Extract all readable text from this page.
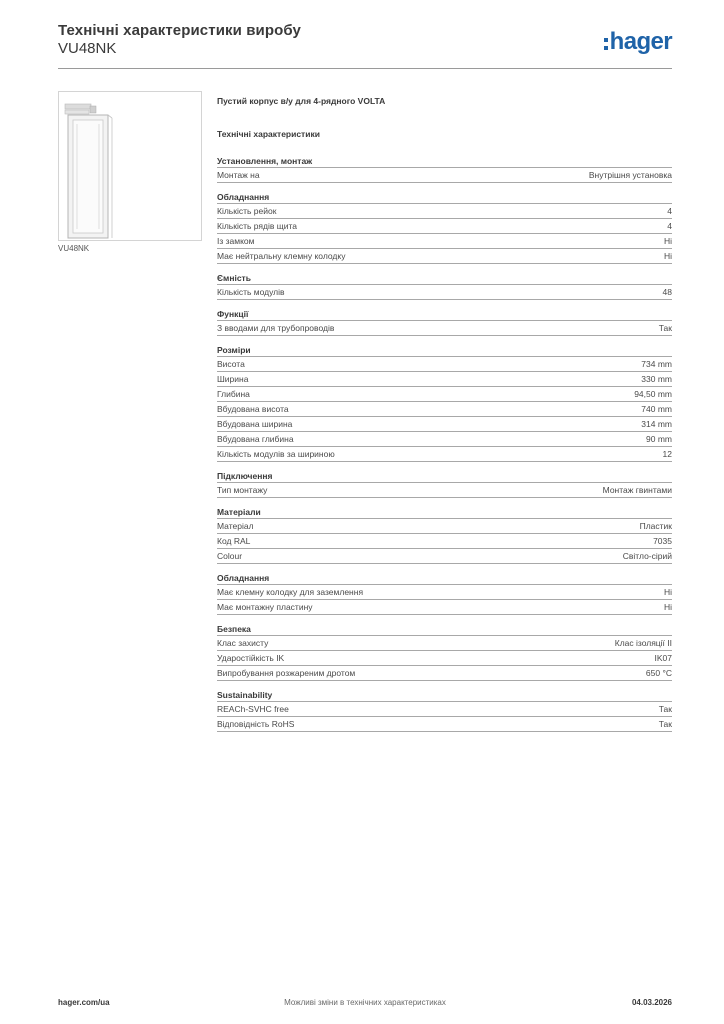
Технічні характеристики виробу
VU48NK	hager
VU48NK
Пустий корпус в/у для 4-рядного VOLTA
Технічні характеристики
Установлення, монтаж
Монтаж на	Внутрішня установка
Обладнання
Кількість рейок	4
Кількість рядів щита	4
Із замком	Ні
Має нейтральну клемну колодку	Ні
Ємність
Кількість модулів	48
Функції
З вводами для трубопроводів	Так
Розміри
Висота	734 mm
Ширина	330 mm
Глибина	94,50 mm
Вбудована висота	740 mm
Вбудована ширина	314 mm
Вбудована глибина	90 mm
Кількість модулів за шириною	12
Підключення
Тип монтажу	Монтаж гвинтами
Матеріали
Матеріал	Пластик
Код RAL	7035
Colour	Світло-сірий
Обладнання
Має клемну колодку для заземлення	Ні
Має монтажну пластину	Ні
Безпека
Клас захисту	Клас ізоляції II
Ударостійкість IK	IK07
Випробування розжареним дротом	650 °C
Sustainability
REACh-SVHC free	Так
Відповідність RoHS	Так
hager.com/ua	Можливі зміни в технічних характеристиках	04.03.2026
